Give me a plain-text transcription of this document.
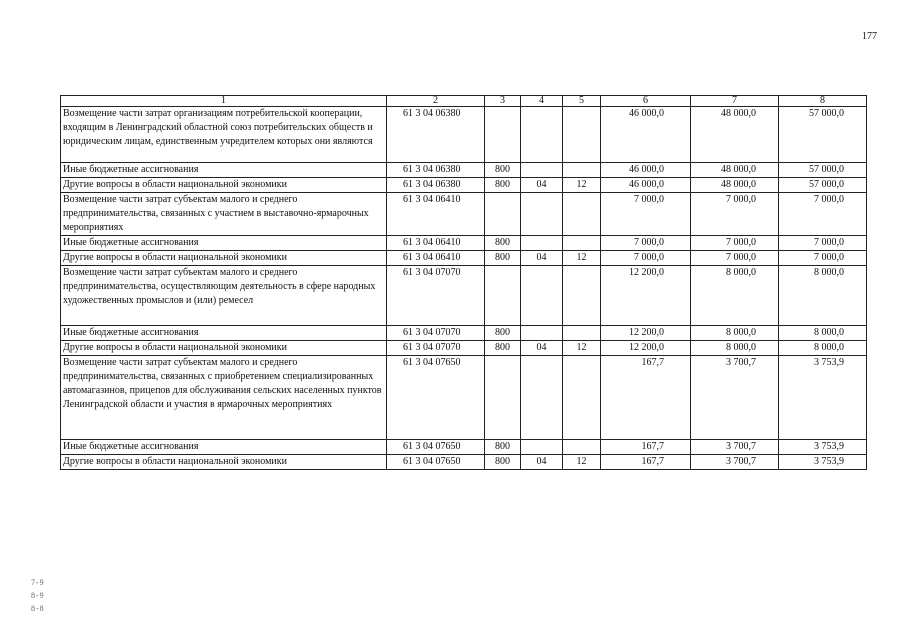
177
1	2	3	4	5	6	7	8
Возмещение части затрат организациям потребительской кооперации, входящим в Ленинградский областной союз потребительских обществ и юридическим лицам, единственным учредителем которых они являются	61 3 04 06380				46 000,0	48 000,0	57 000,0
Иные бюджетные ассигнования	61 3 04 06380	800			46 000,0	48 000,0	57 000,0
Другие вопросы в области национальной экономики	61 3 04 06380	800	04	12	46 000,0	48 000,0	57 000,0
Возмещение части затрат субъектам малого и среднего предпринимательства, связанных с участием в выставочно-ярмарочных мероприятиях	61 3 04 06410				7 000,0	7 000,0	7 000,0
Иные бюджетные ассигнования	61 3 04 06410	800			7 000,0	7 000,0	7 000,0
Другие вопросы в области национальной экономики	61 3 04 06410	800	04	12	7 000,0	7 000,0	7 000,0
Возмещение части затрат субъектам малого и среднего предпринимательства, осуществляющим деятельность в сфере народных художественных промыслов и (или) ремесел	61 3 04 07070				12 200,0	8 000,0	8 000,0
Иные бюджетные ассигнования	61 3 04 07070	800			12 200,0	8 000,0	8 000,0
Другие вопросы в области национальной экономики	61 3 04 07070	800	04	12	12 200,0	8 000,0	8 000,0
Возмещение части затрат субъектам малого и среднего предпринимательства, связанных с приобретением специализированных автомагазинов, прицепов для обслуживания сельских населенных пунктов Ленинградской области и участия в ярмарочных мероприятиях	61 3 04 07650				167,7	3 700,7	3 753,9
Иные бюджетные ассигнования	61 3 04 07650	800			167,7	3 700,7	3 753,9
Другие вопросы в области национальной экономики	61 3 04 07650	800	04	12	167,7	3 700,7	3 753,9
7-9
8-9
8-8
